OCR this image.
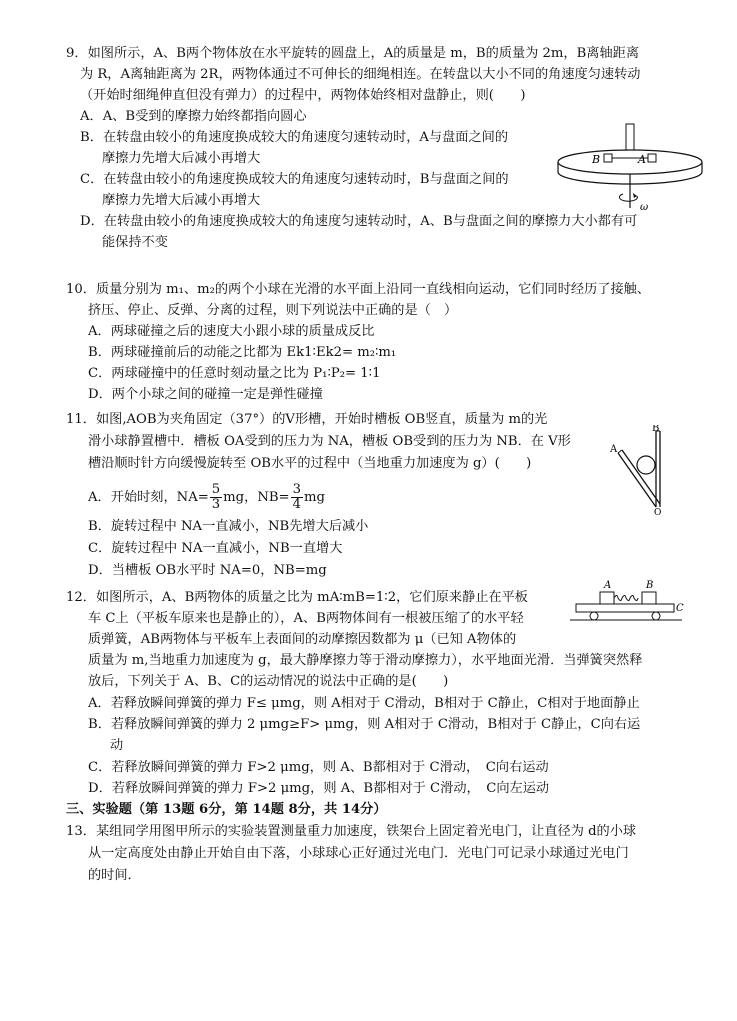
9．如图所示，A、B两个物体放在水平旋转的圆盘上，A的质量是 m，B的质量为 2m，B离轴距离
为 R，A离轴距离为 2R，两物体通过不可伸长的细绳相连。在转盘以大小不同的角速度匀速转动
（开始时细绳伸直但没有弹力）的过程中，两物体始终相对盘静止，则(　　)
A．A、B受到的摩擦力始终都指向圆心
B．在转盘由较小的角速度换成较大的角速度匀速转动时，A与盘面之间的
摩擦力先增大后减小再增大
C．在转盘由较小的角速度换成较大的角速度匀速转动时，B与盘面之间的
摩擦力先增大后减小再增大
D．在转盘由较小的角速度换成较大的角速度匀速转动时，A、B与盘面之间的摩擦力大小都有可
能保持不变
B	A
ω
10．质量分别为 m₁、m₂的两个小球在光滑的水平面上沿同一直线相向运动，它们同时经历了接触、
挤压、停止、反弹、分离的过程，则下列说法中正确的是（　）
A．两球碰撞之后的速度大小跟小球的质量成反比
B．两球碰撞前后的动能之比都为 Ek1∶Ek2= m₂∶m₁
C．两球碰撞中的任意时刻动量之比为 P₁∶P₂= 1∶1
D．两个小球之间的碰撞一定是弹性碰撞
11．如图,AOB为夹角固定（37°）的V形槽，开始时槽板 OB竖直，质量为 m的光
滑小球静置槽中．槽板 OA受到的压力为 NA，槽板 OB受到的压力为 NB．在 V形
槽沿顺时针方向缓慢旋转至 OB水平的过程中（当地重力加速度为 g）(　　)
A．开始时刻，$NA= \frac{5}{3}$ mg，$NB= \frac{3}{4}$ mg
B．旋转过程中 NA一直减小，NB先增大后减小
C．旋转过程中 NA一直减小，NB一直增大
D．当槽板 OB水平时 NA=0，NB=mg
A
B
O
12．如图所示，A、B两物体的质量之比为 mA∶mB=1∶2，它们原来静止在平板
车 C上（平板车原来也是静止的），A、B两物体间有一根被压缩了的水平轻
质弹簧，AB两物体与平板车上表面间的动摩擦因数都为 μ（已知 A物体的
质量为 m,当地重力加速度为 g，最大静摩擦力等于滑动摩擦力），水平地面光滑．当弹簧突然释
放后，下列关于 A、B、C的运动情况的说法中正确的是(　　)
A．若释放瞬间弹簧的弹力 F≤ μmg，则 A相对于 C滑动，B相对于 C静止，C相对于地面静止
B．若释放瞬间弹簧的弹力 2 μmg≥F> μmg，则 A相对于 C滑动，B相对于 C静止，C向右运
动
C．若释放瞬间弹簧的弹力 F>2 μmg，则 A、B都相对于 C滑动，　C向右运动
D．若释放瞬间弹簧的弹力 F>2 μmg，则 A、B都相对于 C滑动，　C向左运动
A	B
C
三、实验题（第 13题 6分，第 14题 8分，共 14分）
13．某组同学用图甲所示的实验装置测量重力加速度，铁架台上固定着光电门，让直径为 d的小球
从一定高度处由静止开始自由下落，小球球心正好通过光电门．光电门可记录小球通过光电门
的时间．
